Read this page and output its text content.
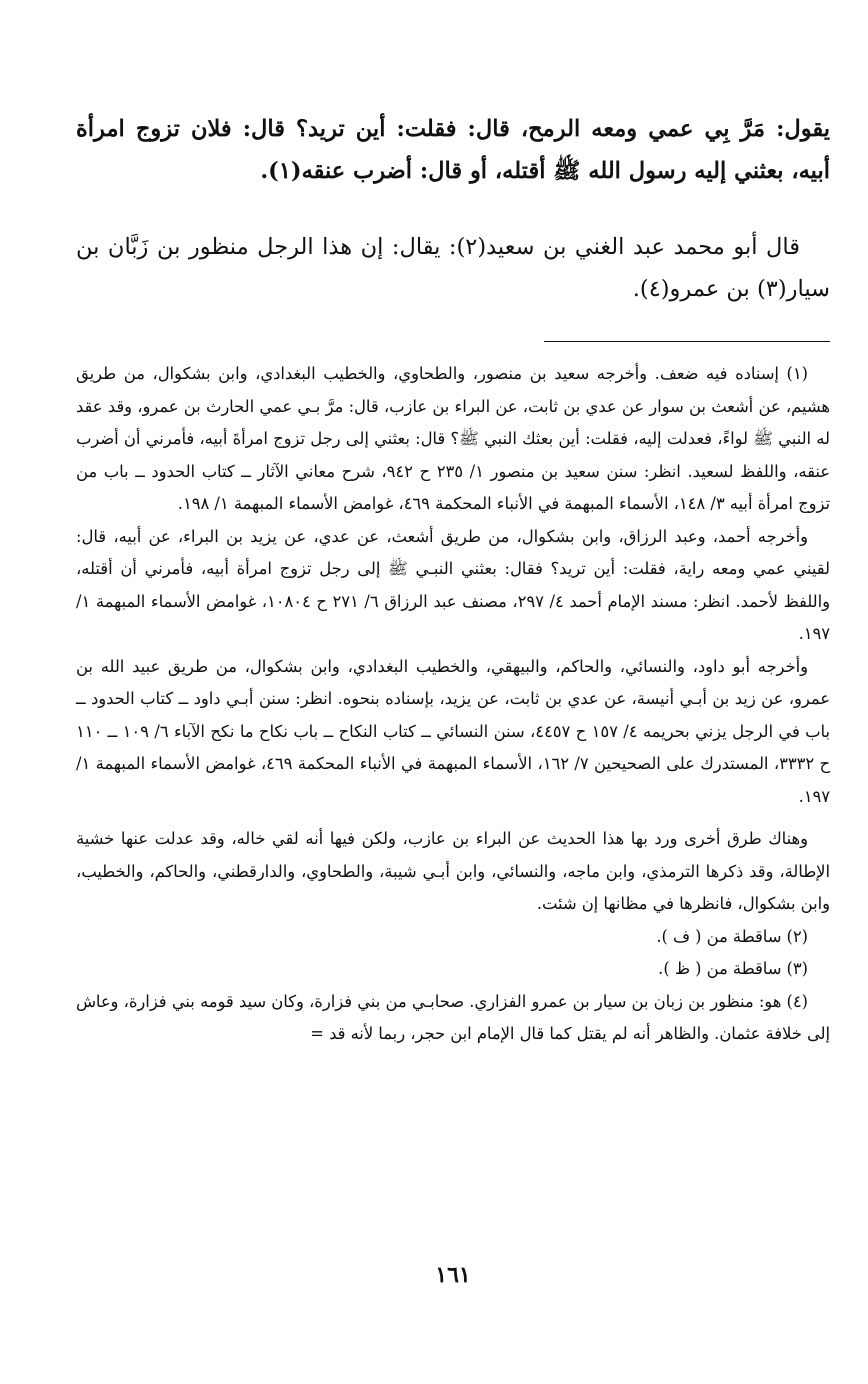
يقول: مَرَّ بِي عمي ومعه الرمح، قال: فقلت: أين تريد؟ قال: فلان تزوج امرأة أبيه، بعثني إليه رسول الله ﷺ أقتله، أو قال: أضرب عنقه(١).

قال أبو محمد عبد الغني بن سعيد(٢): يقال: إن هذا الرجل منظور بن زَبَّان بن سيار(٣) بن عمرو(٤).

(١) إسناده فيه ضعف. وأخرجه سعيد بن منصور، والطحاوي، والخطيب البغدادي، وابن بشكوال، من طريق هشيم، عن أشعث بن سوار عن عدي بن ثابت، عن البراء بن عازب، قال: مرَّ بـي عمي الحارث بن عمرو، وقد عقد له النبي ﷺ لواءً، فعدلت إليه، فقلت: أين بعثك النبي ﷺ؟ قال: بعثني إلى رجل تزوج امرأةَ أبيه، فأمرني أن أضرب عنقه، واللفظ لسعيد. انظر: سنن سعيد بن منصور ١/ ٢٣٥ ح ٩٤٢، شرح معاني الآثار ــ كتاب الحدود ــ باب من تزوج امرأة أبيه ٣/ ١٤٨، الأسماء المبهمة في الأنباء المحكمة ٤٦٩، غوامض الأسماء المبهمة ١/ ١٩٨.

وأخرجه أحمد، وعبد الرزاق، وابن بشكوال، من طريق أشعث، عن عدي، عن يزيد بن البراء، عن أبيه، قال: لقيني عمي ومعه راية، فقلت: أين تريد؟ فقال: بعثني النبـي ﷺ إلى رجل تزوج امرأة أبيه، فأمرني أن أقتله، واللفظ لأحمد. انظر: مسند الإمام أحمد ٤/ ٢٩٧، مصنف عبد الرزاق ٦/ ٢٧١ ح ١٠٨٠٤، غوامض الأسماء المبهمة ١/ ١٩٧.

وأخرجه أبو داود، والنسائي، والحاكم، والبيهقي، والخطيب البغدادي، وابن بشكوال، من طريق عبيد الله بن عمرو، عن زيد بن أبـي أنيسة، عن عدي بن ثابت، عن يزيد، بإسناده بنحوه. انظر: سنن أبـي داود ــ كتاب الحدود ــ باب في الرجل يزني بحريمه ٤/ ١٥٧ ح ٤٤٥٧، سنن النسائي ــ كتاب النكاح ــ باب نكاح ما نكح الآباء ٦/ ١٠٩ ــ ١١٠ ح ٣٣٣٢، المستدرك على الصحيحين ٧/ ١٦٢، الأسماء المبهمة في الأنباء المحكمة ٤٦٩، غوامض الأسماء المبهمة ١/ ١٩٧.

وهناك طرق أخرى ورد بها هذا الحديث عن البراء بن عازب، ولكن فيها أنه لقي خاله، وقد عدلت عنها خشية الإطالة، وقد ذكرها الترمذي، وابن ماجه، والنسائي، وابن أبـي شيبة، والطحاوي، والدارقطني، والحاكم، والخطيب، وابن بشكوال، فانظرها في مظانها إن شئت.

(٢) ساقطة من ( ف ).

(٣) ساقطة من ( ظ ).

(٤) هو: منظور بن زبان بن سيار بن عمرو الفزاري. صحابـي من بني فزارة، وكان سيد قومه بني فزارة، وعاش إلى خلافة عثمان. والظاهر أنه لم يقتل كما قال الإمام ابن حجر، ربما لأنه قد =

١٦١
